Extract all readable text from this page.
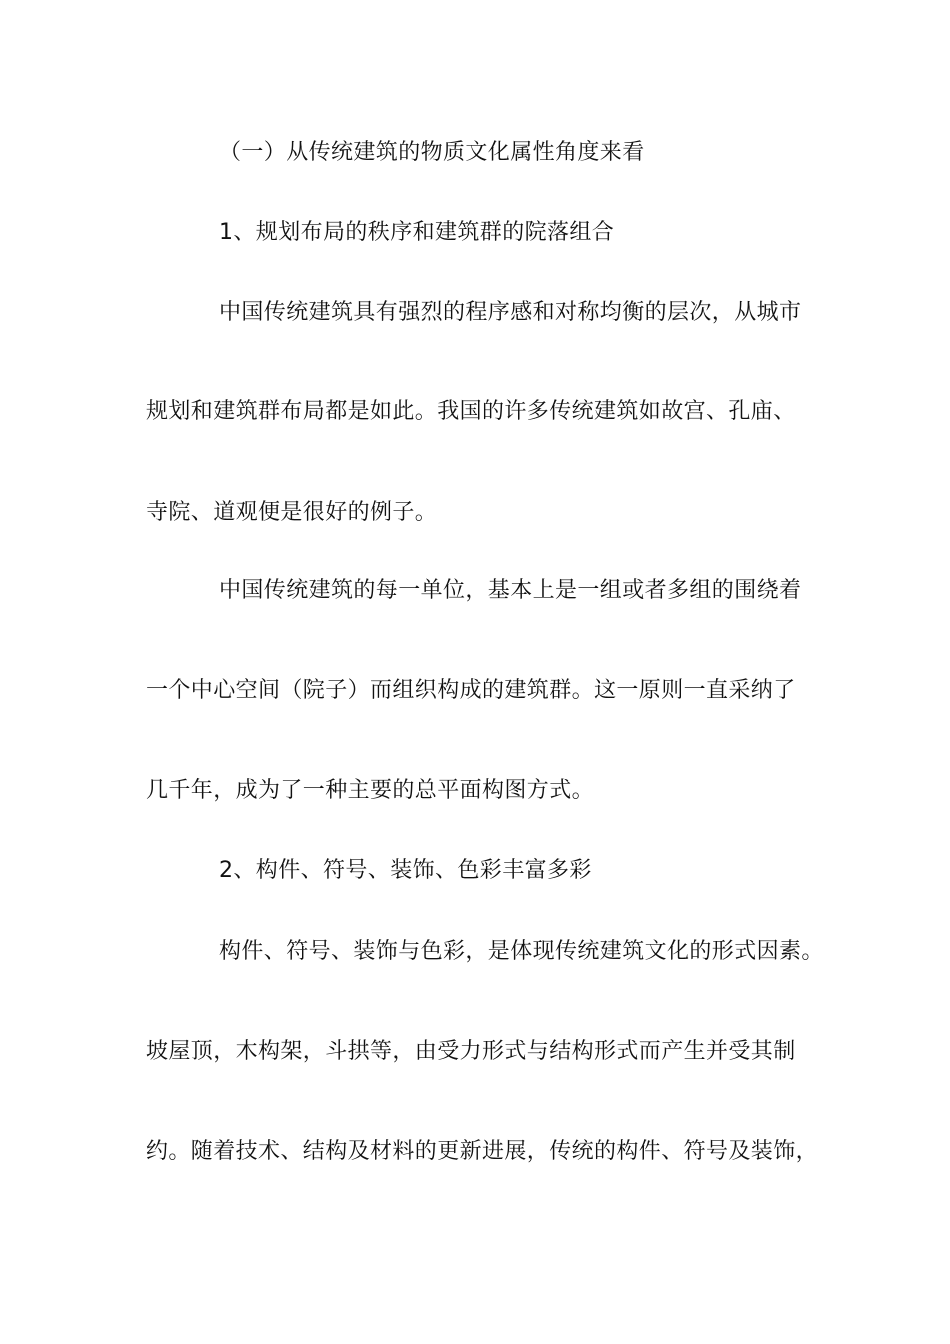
（一）从传统建筑的物质文化属性角度来看
1、规划布局的秩序和建筑群的院落组合
中国传统建筑具有强烈的程序感和对称均衡的层次，从城市
规划和建筑群布局都是如此。我国的许多传统建筑如故宫、孔庙、
寺院、道观便是很好的例子。
中国传统建筑的每一单位，基本上是一组或者多组的围绕着
一个中心空间（院子）而组织构成的建筑群。这一原则一直采纳了
几千年，成为了一种主要的总平面构图方式。
2、构件、符号、装饰、色彩丰富多彩
构件、符号、装饰与色彩，是体现传统建筑文化的形式因素。
坡屋顶，木构架，斗拱等，由受力形式与结构形式而产生并受其制
约。随着技术、结构及材料的更新进展，传统的构件、符号及装饰，
